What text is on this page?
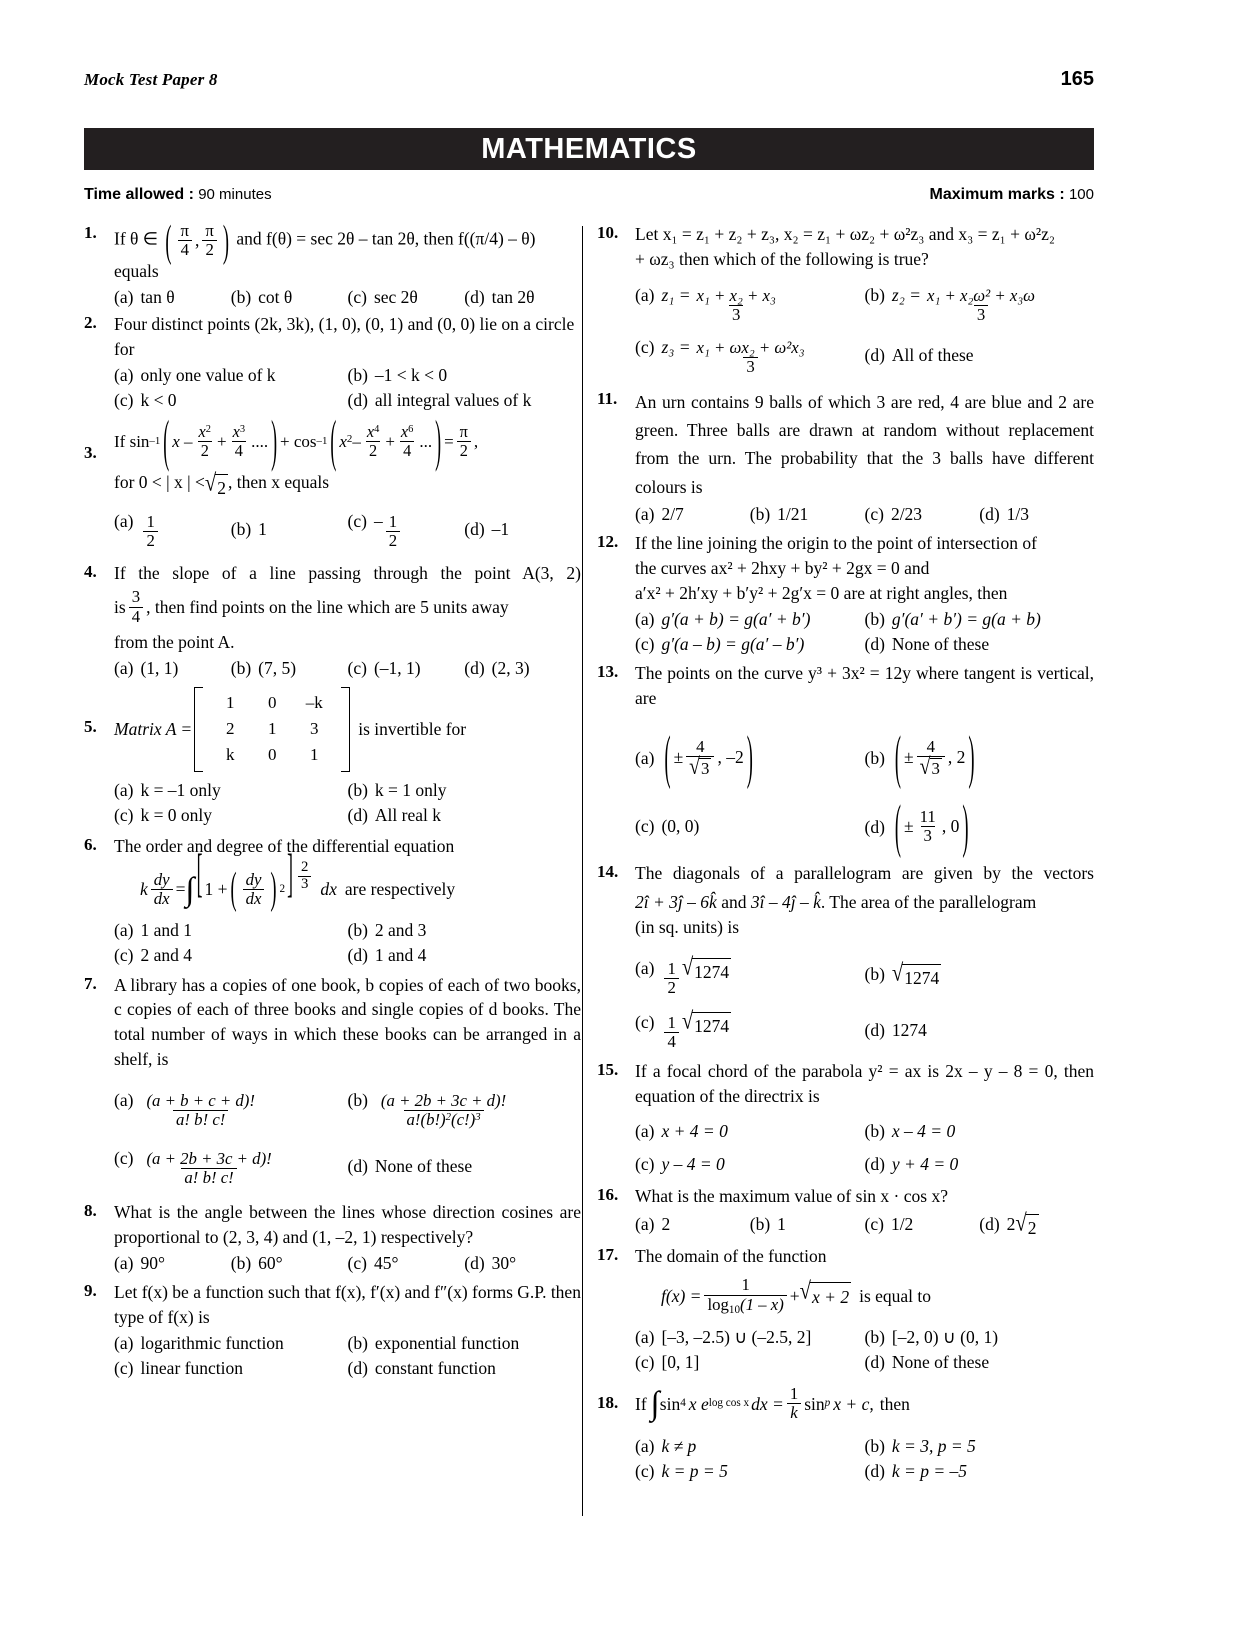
Mock Test Paper 8	165
MATHEMATICS
Time allowed : 90 minutes	Maximum marks : 100
1. If θ ∈ ( $\frac{\pi}{4}$ , $\frac{\pi}{2}$ ) and f(θ) = sec 2θ – tan 2θ, then f((π/4) – θ)
equals
(a) tan θ	(b) cot θ	(c) sec 2θ	(d) tan 2θ
2. Four distinct points (2k, 3k), (1, 0), (0, 1) and (0, 0) lie on a circle for
(a) only one value of k	(b) –1 < k < 0
(c) k < 0	(d) all integral values of k
3.
If sin –1 ( $x - \frac{x^2}{2} + \frac{x^3}{4}$ .... ) + cos –1 ( $x^2 - \frac{x^4}{2} + \frac{x^6}{4}$ ... ) = $\frac{\pi}{2}$ ,
for 0 < | x | < √ 2 , then x equals
$(a) \frac{1}{2}$	(b) 1	$(c) - \frac{1}{2}$	(d) –1
4. If the slope of a line passing through the point A(3, 2)
is $\frac{3}{4}$ , then find points on the line which are 5 units away
from the point A.
(a) (1, 1)	(b) (7, 5)	(c) (–1, 1) (d) (2, 3)
5. Matrix A =
1	0	–k
2	1	3
k	0	1
is invertible for
(a) k = –1 only	(b) k = 1 only
(c) k = 0 only	(d) All real k
6. The order and degree of the differential equation
k $\frac{dy}{dx}$ = ∫ [ 1 + ( $\frac{dy}{dx}$ ) 2 ] $\frac{2}{3}$ dx are respectively
(a) 1 and 1	(b) 2 and 3
(c) 2 and 4	(d) 1 and 4
7. A library has a copies of one book, b copies of each of two books, c copies of each of three books and single copies of d books. The total number of ways in which these books can be arranged in a shelf, is
$(a) \frac{(a + b + c + d)!}{a! b! c!}$	$(b) \frac{(a + 2b + 3c + d)!}{a!(b!)^2(c!)^3}$
$(c) \frac{(a + 2b + 3c + d)!}{a! b! c!}$	(d) None of these
8. What is the angle between the lines whose direction cosines are proportional to (2, 3, 4) and (1, –2, 1) respectively?
(a) 90°	(b) 60°	(c) 45°	(d) 30°
9. Let f(x) be a function such that f(x), f′(x) and f″(x) forms G.P. then type of f(x) is
(a) logarithmic function	(b) exponential function
(c) linear function	(d) constant function
10. Let x₁ = z₁ + z₂ + z₃, x₂ = z₁ + ωz₂ + ω²z₃ and x₃ = z₁ + ω²z₂
+ ωz₃ then which of the following is true?
(a) $z_1 = \frac{\text{x₁ + x₂ + x₃}}{3}$	(b) $z_2 = \frac{\text{x₁ + x₂ω² + x₃ω}}{3}$
(c) $z_3 = \frac{\text{x₁ + ωx₂ + ω²x₃}}{3}$	(d) All of these
11.	An urn contains 9 balls of which 3 are red, 4 are blue and 2 are green. Three balls are drawn at random without replacement from the urn. The probability that the 3 balls have different colours is
(a) 2/7	(b) 1/21	(c) 2/23	(d) 1/3
12. If the line joining the origin to the point of intersection of
the curves ax² + 2hxy + by² + 2gx = 0 and
a′x² + 2h′xy + b′y² + 2g′x = 0 are at right angles, then
(a) g′(a + b) = g(a′ + b′)	(b) g′(a′ + b′) = g(a + b)
(c) g′(a – b) = g(a′ – b′)	(d) None of these
13. The points on the curve y³ + 3x² = 12y where tangent is vertical, are
(a) ( ± $\frac{4}{√ 3}$ , –2 )	(b) ( ± $\frac{4}{√ 3}$ , 2 )
(c) (0, 0)	(d) ( ± $\frac{11}{3}$ , 0 )
14. The diagonals of a parallelogram are given by the vectors
2î + 3ĵ – 6k̂ and 3î – 4ĵ – k̂. The area of the parallelogram
(in sq. units) is
$(a) \frac{1}{2}$ √ 1274	(b) √ 1274
$(c) \frac{1}{4}$ √ 1274	(d) 1274
15. If a focal chord of the parabola y² = ax is 2x – y – 8 = 0, then equation of the directrix is
(a) x + 4 = 0	(b) x – 4 = 0
(c) y – 4 = 0	(d) y + 4 = 0
16. What is the maximum value of sin x · cos x?
(a) 2	(b) 1	(c) 1/2	(d) 2 √ 2
17. The domain of the function
$f(x) = \frac{1}{\log_{10}(1 - x)}$ + √ x + 2 is equal to
(a) [–3, –2.5) ∪ (–2.5, 2]	(b) [–2, 0) ∪ (0, 1)
(c) [0, 1]	(d) None of these
18. If ∫ sin 4 x e log cos x dx = $\frac{1}{k}$ sin p x + c, then
(a) k ≠ p	(b) k = 3, p = 5
(c) k = p = 5	(d) k = p = –5
